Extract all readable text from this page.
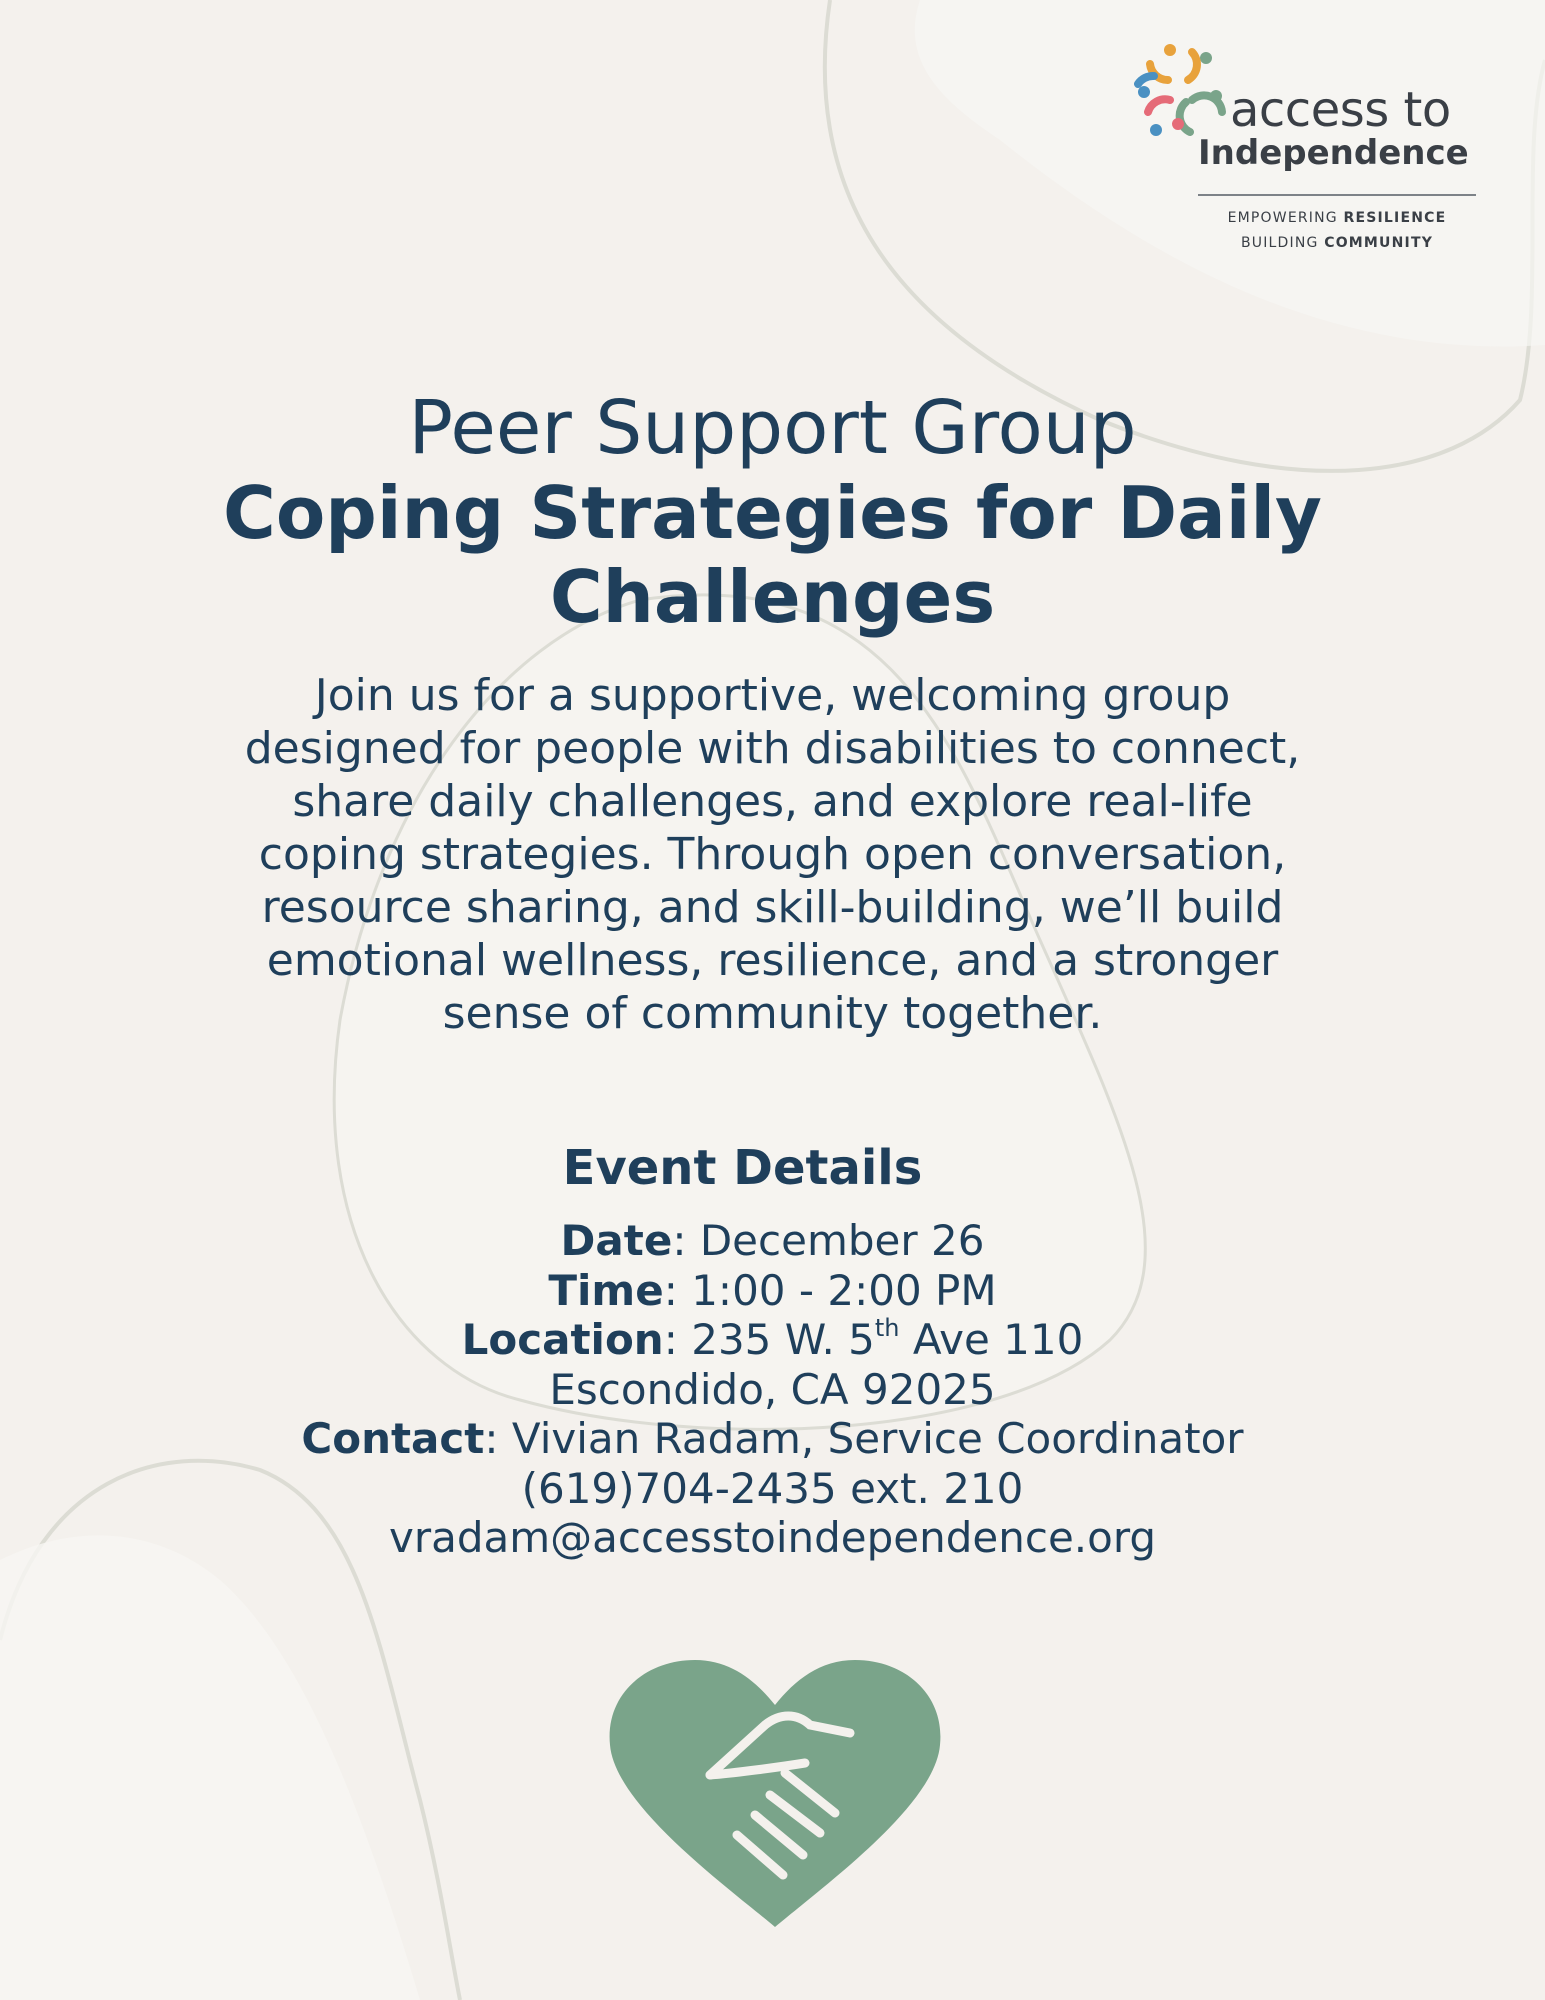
access to
Independence
EMPOWERING RESILIENCE
BUILDING COMMUNITY
Peer Support Group
Coping Strategies for Daily Challenges

Join us for a supportive, welcoming group designed for people with disabilities to connect, share daily challenges, and explore real-life coping strategies. Through open conversation, resource sharing, and skill-building, we’ll build emotional wellness, resilience, and a stronger sense of community together.

Event Details
Date: December 26
Time: 1:00 - 2:00 PM
Location: 235 W. 5th Ave 110
Escondido, CA 92025
Contact: Vivian Radam, Service Coordinator
(619)704-2435 ext. 210
vradam@accesstoindependence.org
